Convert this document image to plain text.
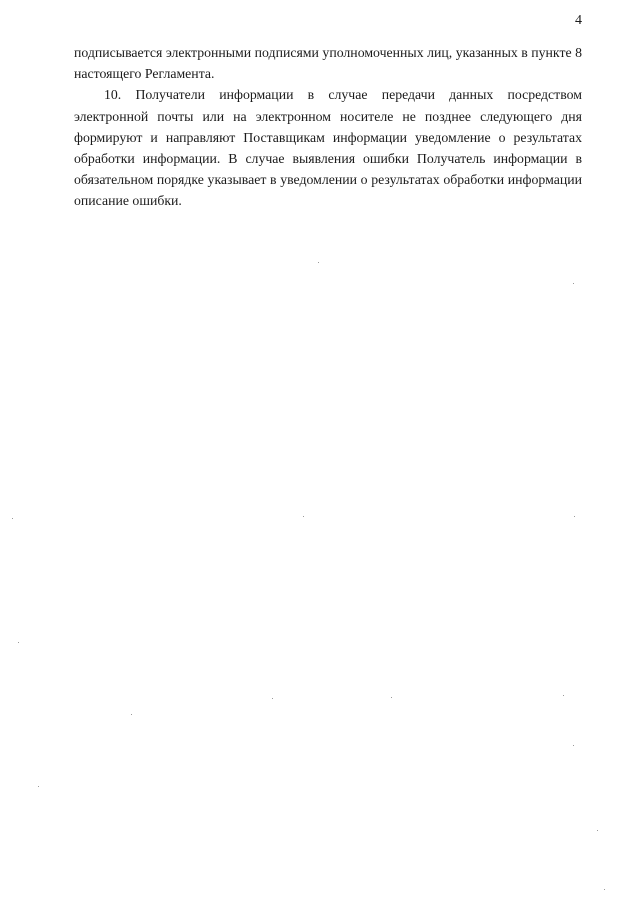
4

подписывается электронными подписями уполномоченных лиц, указанных в пункте 8 настоящего Регламента.

10. Получатели информации в случае передачи данных посредством электронной почты или на электронном носителе не позднее следующего дня формируют и направляют Поставщикам информации уведомление о результатах обработки информации. В случае выявления ошибки Получатель информации в обязательном порядке указывает в уведомлении о результатах обработки информации описание ошибки.
